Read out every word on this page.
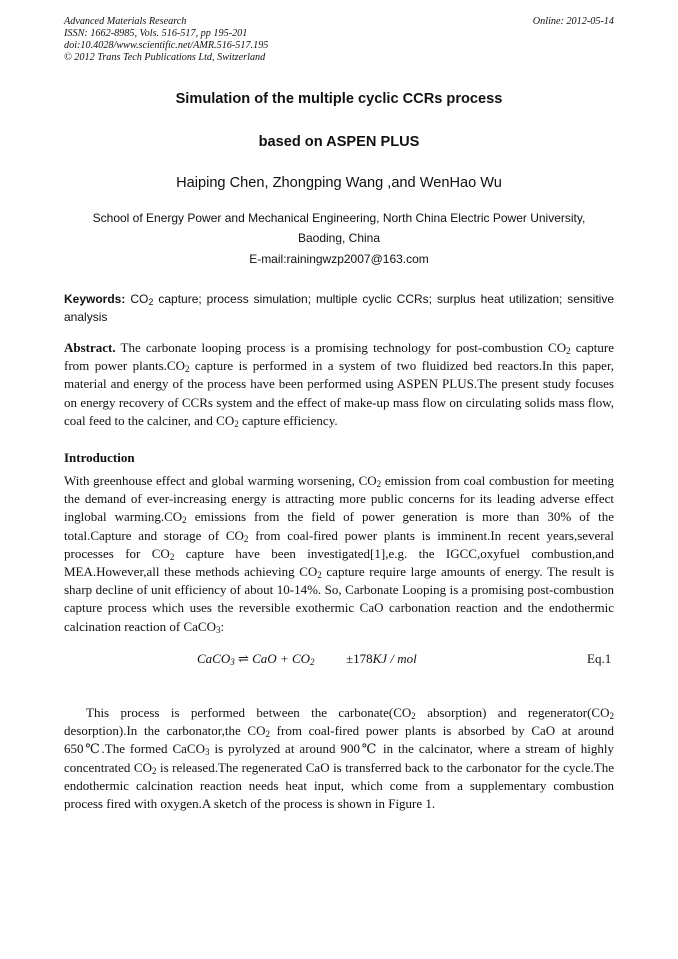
Advanced Materials Research
ISSN: 1662-8985, Vols. 516-517, pp 195-201
doi:10.4028/www.scientific.net/AMR.516-517.195
© 2012 Trans Tech Publications Ltd, Switzerland
Online: 2012-05-14
Simulation of the multiple cyclic CCRs process
based on ASPEN PLUS
Haiping Chen, Zhongping Wang ,and WenHao Wu
School of Energy Power and Mechanical Engineering, North China Electric Power University,
Baoding, China
E-mail:rainingwzp2007@163.com
Keywords: $CO_2$ capture; process simulation; multiple cyclic CCRs; surplus heat utilization; sensitive analysis
Abstract. The carbonate looping process is a promising technology for post-combustion $CO_2$ capture from power $plants.CO_2$ capture is performed in a system of two fluidized bed reactors.In this paper, material and energy of the process have been performed using ASPEN PLUS.The present study focuses on energy recovery of CCRs system and the effect of make-up mass flow on circulating solids mass flow, coal feed to the calciner, and $CO_2$ capture efficiency.
Introduction
With greenhouse effect and global warming worsening, $CO_2$ emission from coal combustion for meeting the demand of ever-increasing energy is attracting more public concerns for its leading adverse effect inglobal $warming.CO_2$ emissions from the field of power generation is more than 30% of the total.Capture and storage of $CO_2$ from coal-fired power plants is imminent.In recent years,several processes for $CO_2$ capture have been investigated[1],e.g. the IGCC,oxyfuel combustion,and MEA.However,all these methods achieving $CO_2$ capture require large amounts of energy. The result is sharp decline of unit efficiency of about 10-14%. So, Carbonate Looping is a promising post-combustion capture process which uses the reversible exothermic CaO carbonation reaction and the endothermic calcination reaction of CaCO$_3$:
CaCO$_3$ ⇌ CaO + $CO_2 \pm 178KJ$ / mol	Eq.1
This process is performed between the $carbonate(CO_2$ absorption) and $regenerator(CO_2$ desorption).In the carbonator,the $CO_2$ from coal-fired power plants is absorbed by CaO at around 650℃.The formed CaCO$_3$ is pyrolyzed at around 900℃ in the calcinator, where a stream of highly concentrated $CO_2$ is released.The regenerated CaO is transferred back to the carbonator for the cycle.The endothermic calcination reaction needs heat input, which come from a supplementary combustion process fired with oxygen.A sketch of the process is shown in Figure 1.
